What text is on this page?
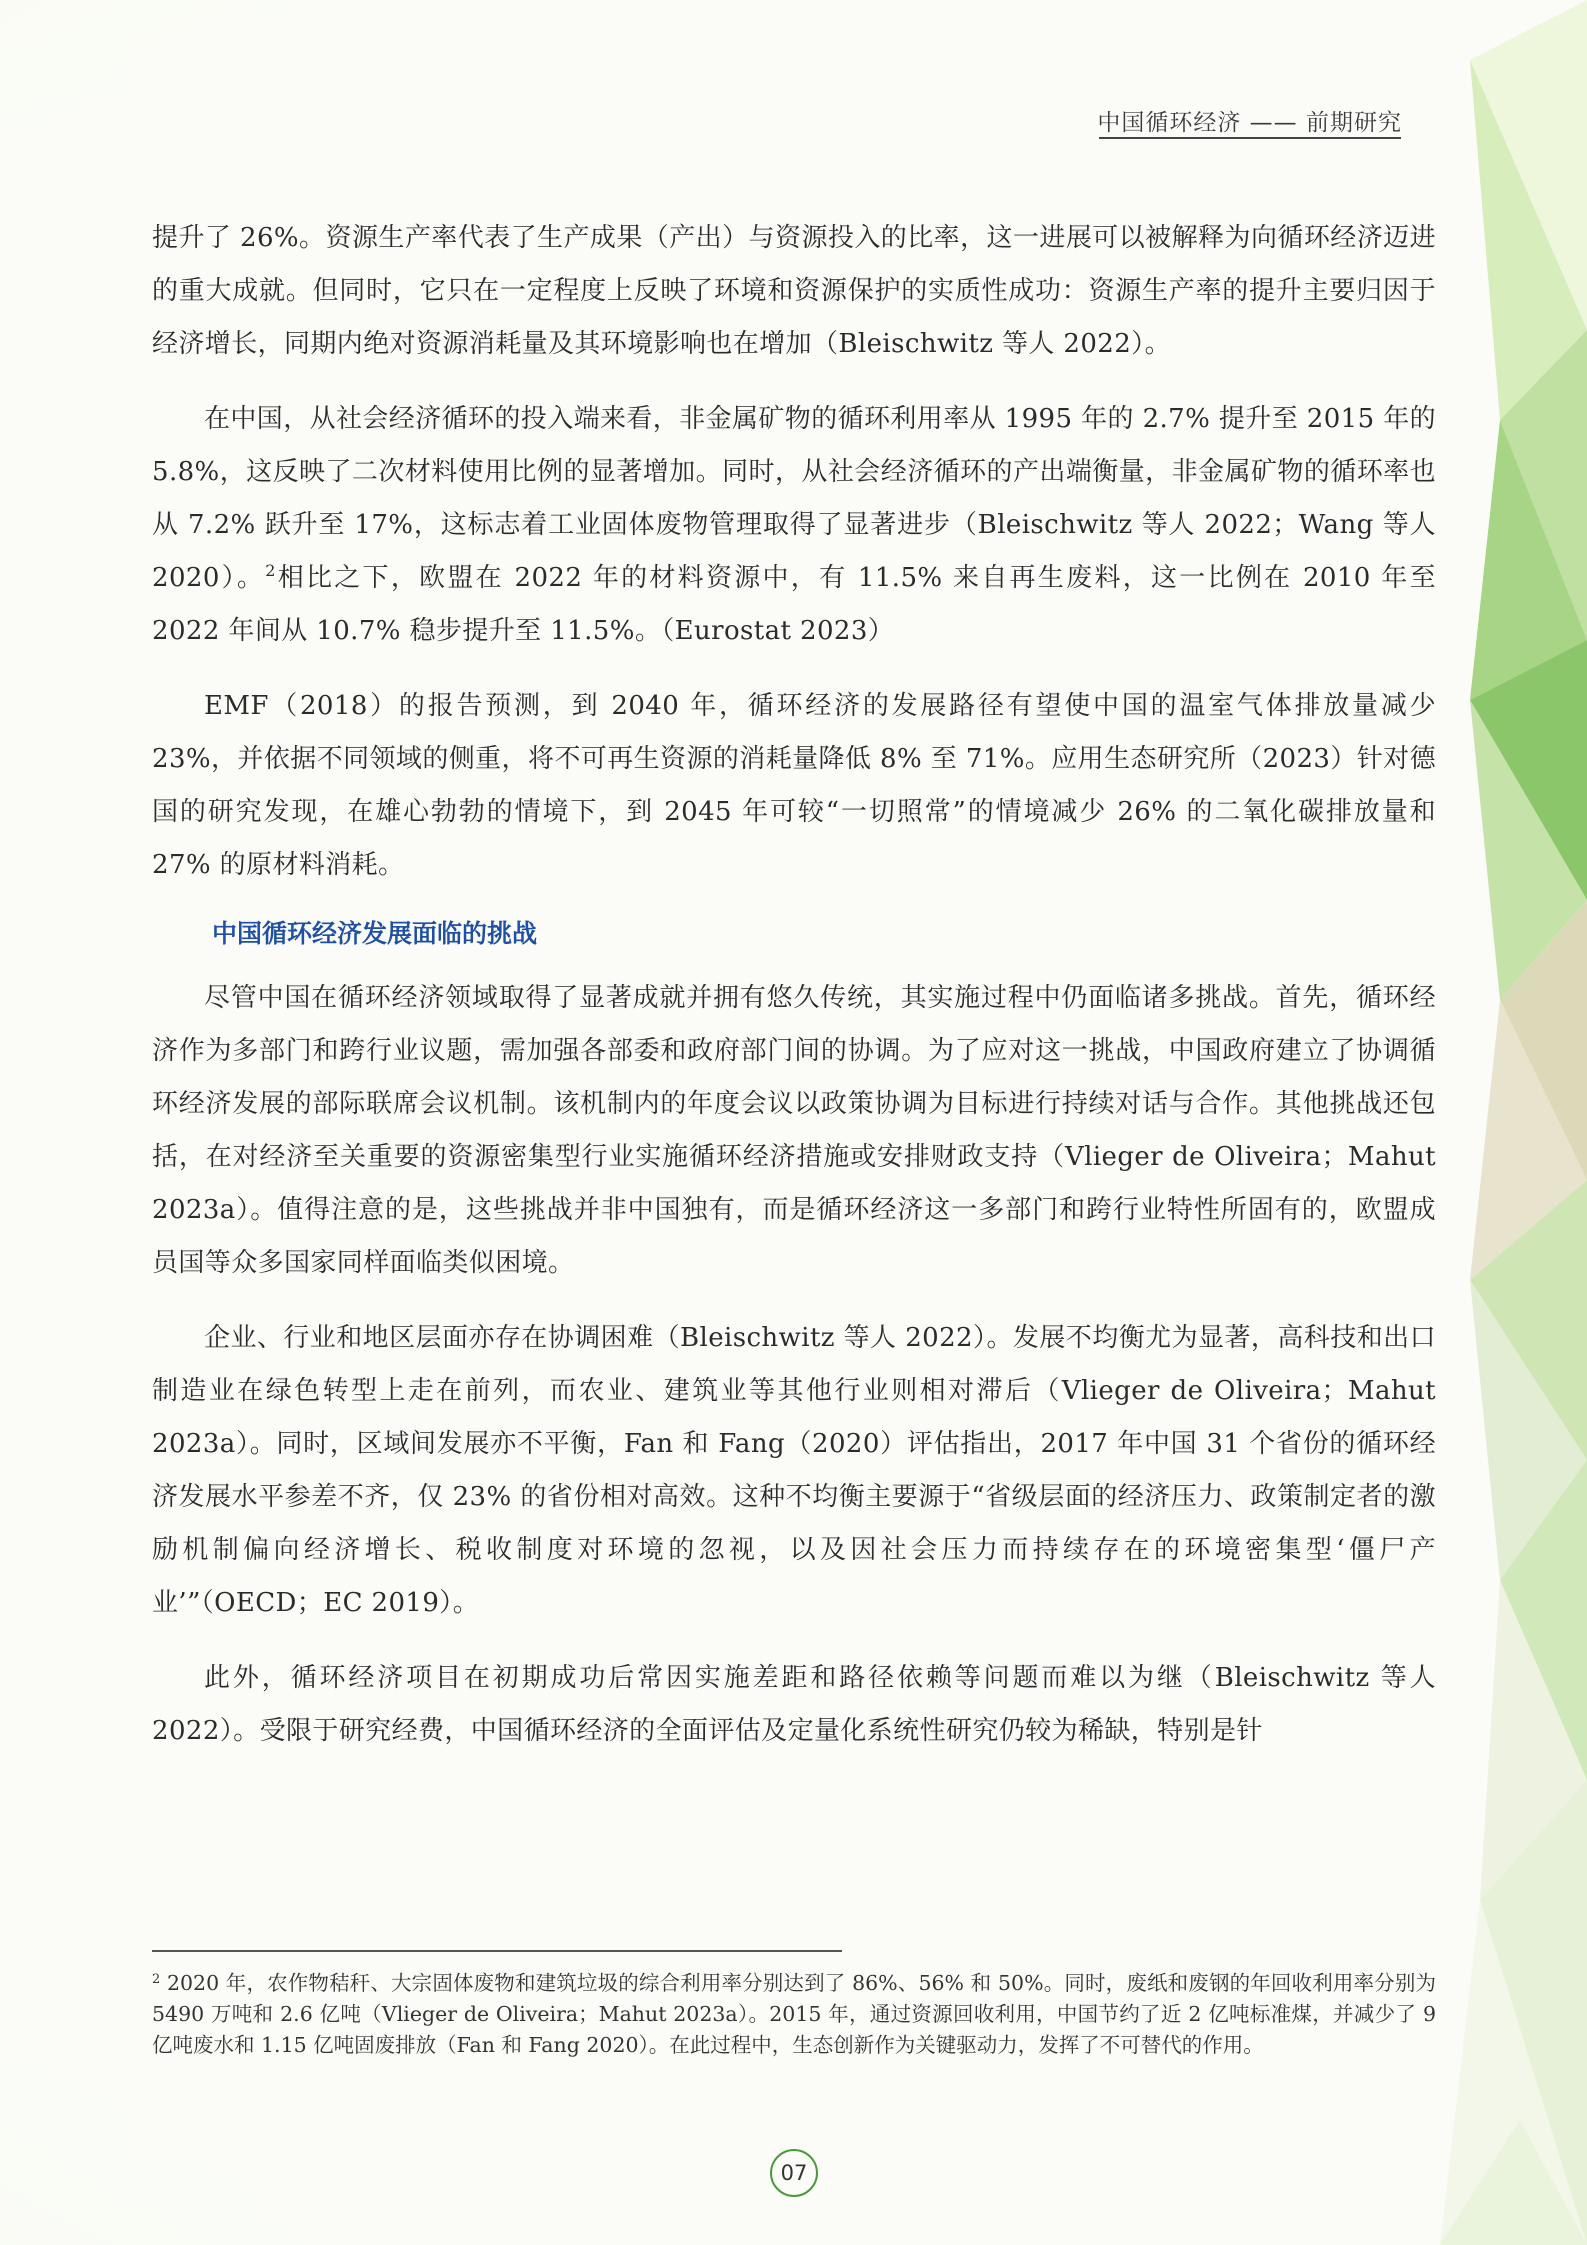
中国循环经济 —— 前期研究

提升了 26%。资源生产率代表了生产成果（产出）与资源投入的比率，这一进展可以被解释为向循环经济迈进的重大成就。但同时，它只在一定程度上反映了环境和资源保护的实质性成功：资源生产率的提升主要归因于经济增长，同期内绝对资源消耗量及其环境影响也在增加（Bleischwitz 等人 2022）。

在中国，从社会经济循环的投入端来看，非金属矿物的循环利用率从 1995 年的 2.7% 提升至 2015 年的 5.8%，这反映了二次材料使用比例的显著增加。同时，从社会经济循环的产出端衡量，非金属矿物的循环率也从 7.2% 跃升至 17%，这标志着工业固体废物管理取得了显著进步（Bleischwitz 等人 2022；Wang 等人 2020）。$^2$相比之下，欧盟在 2022 年的材料资源中，有 11.5% 来自再生废料，这一比例在 2010 年至 2022 年间从 10.7% 稳步提升至 11.5%。（Eurostat 2023）

EMF（2018）的报告预测，到 2040 年，循环经济的发展路径有望使中国的温室气体排放量减少 23%，并依据不同领域的侧重，将不可再生资源的消耗量降低 8% 至 71%。应用生态研究所（2023）针对德国的研究发现，在雄心勃勃的情境下，到 2045 年可较“一切照常”的情境减少 26% 的二氧化碳排放量和 27% 的原材料消耗。

中国循环经济发展面临的挑战

尽管中国在循环经济领域取得了显著成就并拥有悠久传统，其实施过程中仍面临诸多挑战。首先，循环经济作为多部门和跨行业议题，需加强各部委和政府部门间的协调。为了应对这一挑战，中国政府建立了协调循环经济发展的部际联席会议机制。该机制内的年度会议以政策协调为目标进行持续对话与合作。其他挑战还包括，在对经济至关重要的资源密集型行业实施循环经济措施或安排财政支持（Vlieger de Oliveira；Mahut 2023a）。值得注意的是，这些挑战并非中国独有，而是循环经济这一多部门和跨行业特性所固有的，欧盟成员国等众多国家同样面临类似困境。

企业、行业和地区层面亦存在协调困难（Bleischwitz 等人 2022）。发展不均衡尤为显著，高科技和出口制造业在绿色转型上走在前列，而农业、建筑业等其他行业则相对滞后（Vlieger de Oliveira；Mahut 2023a）。同时，区域间发展亦不平衡，Fan 和 Fang（2020）评估指出，2017 年中国 31 个省份的循环经济发展水平参差不齐，仅 23% 的省份相对高效。这种不均衡主要源于“省级层面的经济压力、政策制定者的激励机制偏向经济增长、税收制度对环境的忽视，以及因社会压力而持续存在的环境密集型‘僵尸产业’”（OECD；EC 2019）。

此外，循环经济项目在初期成功后常因实施差距和路径依赖等问题而难以为继（Bleischwitz 等人 2022）。受限于研究经费，中国循环经济的全面评估及定量化系统性研究仍较为稀缺，特别是针

$^2$ 2020 年，农作物秸秆、大宗固体废物和建筑垃圾的综合利用率分别达到了 86%、56% 和 50%。同时，废纸和废钢的年回收利用率分别为 5490 万吨和 2.6 亿吨（Vlieger de Oliveira；Mahut 2023a）。2015 年，通过资源回收利用，中国节约了近 2 亿吨标准煤，并减少了 9 亿吨废水和 1.15 亿吨固废排放（Fan 和 Fang 2020）。在此过程中，生态创新作为关键驱动力，发挥了不可替代的作用。

07
